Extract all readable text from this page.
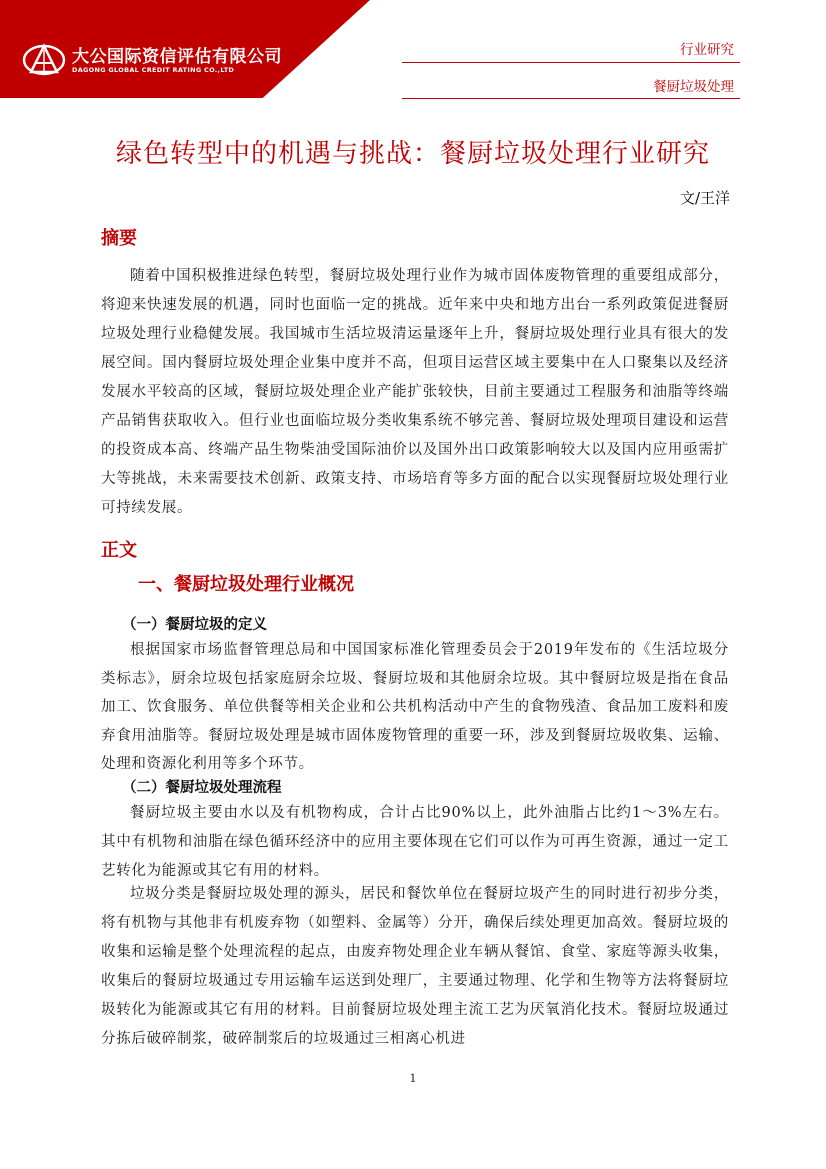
大公国际资信评估有限公司
DAGONG GLOBAL CREDIT RATING CO.,LTD
行业研究
餐厨垃圾处理
绿色转型中的机遇与挑战：餐厨垃圾处理行业研究
文/王洋
摘要

随着中国积极推进绿色转型，餐厨垃圾处理行业作为城市固体废物管理的重要组成部分，将迎来快速发展的机遇，同时也面临一定的挑战。近年来中央和地方出台一系列政策促进餐厨垃圾处理行业稳健发展。我国城市生活垃圾清运量逐年上升，餐厨垃圾处理行业具有很大的发展空间。国内餐厨垃圾处理企业集中度并不高，但项目运营区域主要集中在人口聚集以及经济发展水平较高的区域，餐厨垃圾处理企业产能扩张较快，目前主要通过工程服务和油脂等终端产品销售获取收入。但行业也面临垃圾分类收集系统不够完善、餐厨垃圾处理项目建设和运营的投资成本高、终端产品生物柴油受国际油价以及国外出口政策影响较大以及国内应用亟需扩大等挑战，未来需要技术创新、政策支持、市场培育等多方面的配合以实现餐厨垃圾处理行业可持续发展。

正文
一、餐厨垃圾处理行业概况
（一）餐厨垃圾的定义

根据国家市场监督管理总局和中国国家标准化管理委员会于2019年发布的《生活垃圾分类标志》，厨余垃圾包括家庭厨余垃圾、餐厨垃圾和其他厨余垃圾。其中餐厨垃圾是指在食品加工、饮食服务、单位供餐等相关企业和公共机构活动中产生的食物残渣、食品加工废料和废弃食用油脂等。餐厨垃圾处理是城市固体废物管理的重要一环，涉及到餐厨垃圾收集、运输、处理和资源化利用等多个环节。

（二）餐厨垃圾处理流程

餐厨垃圾主要由水以及有机物构成，合计占比90%以上，此外油脂占比约1～3%左右。其中有机物和油脂在绿色循环经济中的应用主要体现在它们可以作为可再生资源，通过一定工艺转化为能源或其它有用的材料。

垃圾分类是餐厨垃圾处理的源头，居民和餐饮单位在餐厨垃圾产生的同时进行初步分类，将有机物与其他非有机废弃物（如塑料、金属等）分开，确保后续处理更加高效。餐厨垃圾的收集和运输是整个处理流程的起点，由废弃物处理企业车辆从餐馆、食堂、家庭等源头收集，收集后的餐厨垃圾通过专用运输车运送到处理厂，主要通过物理、化学和生物等方法将餐厨垃圾转化为能源或其它有用的材料。目前餐厨垃圾处理主流工艺为厌氧消化技术。餐厨垃圾通过分拣后破碎制浆，破碎制浆后的垃圾通过三相离心机进

1
